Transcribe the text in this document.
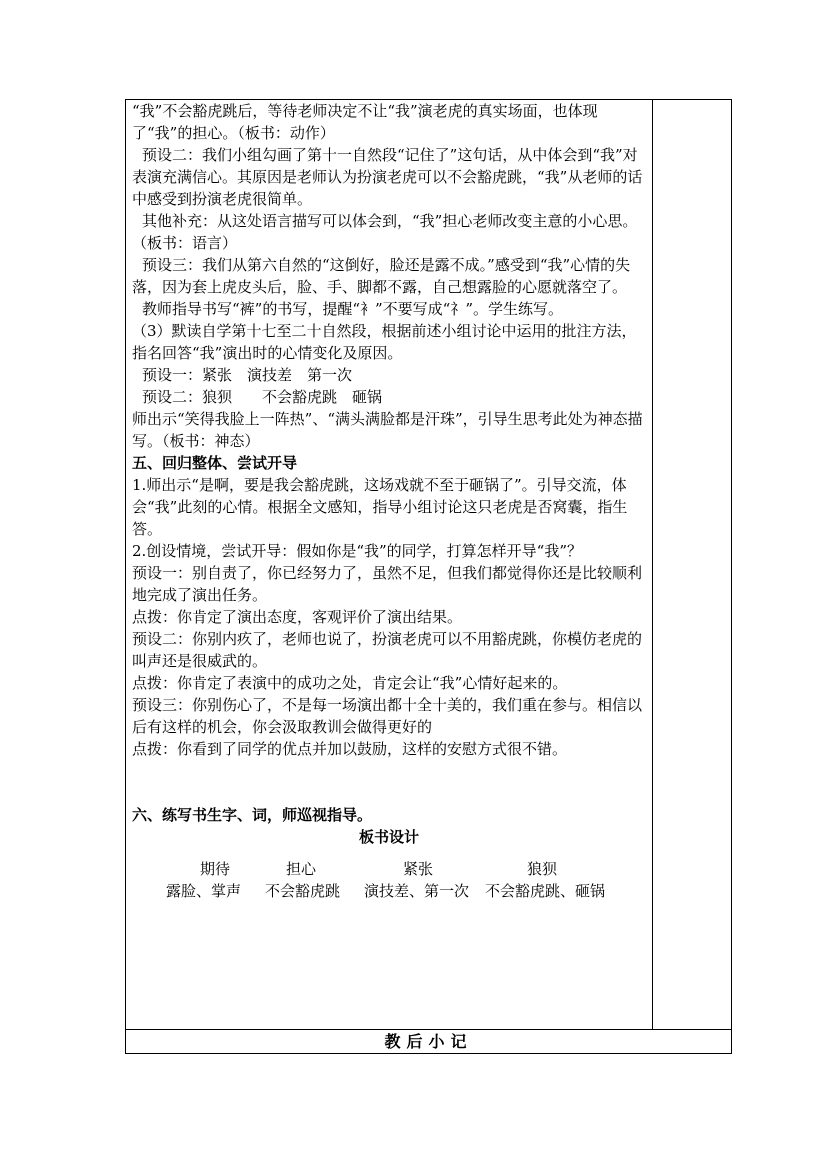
“我”不会豁虎跳后，等待老师决定不让“我”演老虎的真实场面，也体现了“我”的担心。（板书：动作）

预设二：我们小组勾画了第十一自然段“记住了”这句话，从中体会到“我”对表演充满信心。其原因是老师认为扮演老虎可以不会豁虎跳，“我”从老师的话中感受到扮演老虎很简单。

其他补充：从这处语言描写可以体会到，“我”担心老师改变主意的小心思。（板书：语言）

预设三：我们从第六自然的“这倒好，脸还是露不成。”感受到“我”心情的失落，因为套上虎皮头后，脸、手、脚都不露，自己想露脸的心愿就落空了。

教师指导书写“裤”的书写，提醒“衤”不要写成“礻”。学生练写。

（3）默读自学第十七至二十自然段，根据前述小组讨论中运用的批注方法，指名回答“我”演出时的心情变化及原因。

预设一：紧张　演技差　第一次

预设二：狼狈　　不会豁虎跳　砸锅

师出示“笑得我脸上一阵热”、“满头满脸都是汗珠”，引导生思考此处为神态描写。（板书：神态）

五、回归整体、尝试开导

1.师出示“是啊，要是我会豁虎跳，这场戏就不至于砸锅了”。引导交流，体会“我”此刻的心情。根据全文感知，指导小组讨论这只老虎是否窝囊，指生答。

2.创设情境，尝试开导：假如你是“我”的同学，打算怎样开导“我”？

预设一：别自责了，你已经努力了，虽然不足，但我们都觉得你还是比较顺利地完成了演出任务。

点拨：你肯定了演出态度，客观评价了演出结果。

预设二：你别内疚了，老师也说了，扮演老虎可以不用豁虎跳，你模仿老虎的叫声还是很威武的。

点拨：你肯定了表演中的成功之处，肯定会让“我”心情好起来的。

预设三：你别伤心了，不是每一场演出都十全十美的，我们重在参与。相信以后有这样的机会，你会汲取教训会做得更好的

点拨：你看到了同学的优点并加以鼓励，这样的安慰方式很不错。

六、练写书生字、词，师巡视指导。

板书设计

期待	担心	紧张	狼狈
露脸、掌声 不会豁虎跳 演技差、第一次 不会豁虎跳、砸锅

教后小记
